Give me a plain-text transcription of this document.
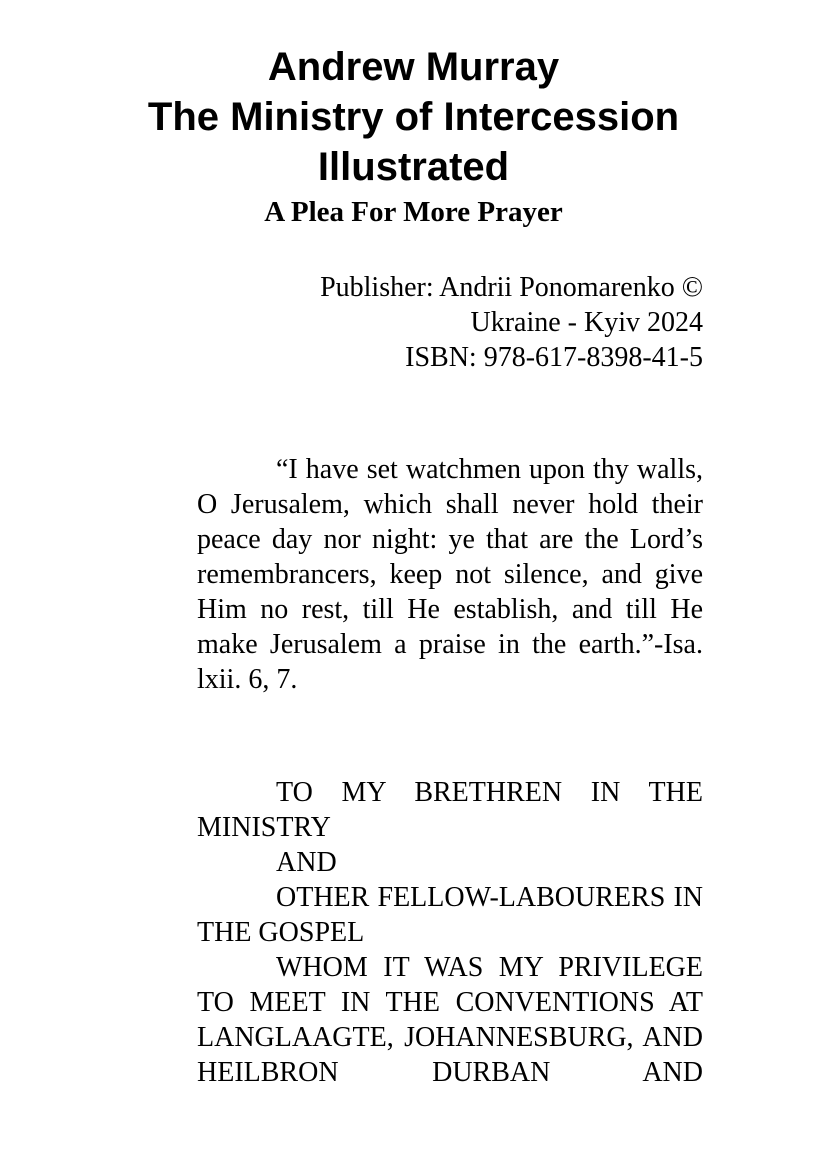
Andrew Murray
The Ministry of Intercession
Illustrated
A Plea For More Prayer
Publisher: Andrii Ponomarenko ©
Ukraine - Kyiv 2024
ISBN: 978-617-8398-41-5
“I have set watchmen upon thy walls, O Jerusalem, which shall never hold their peace day nor night: ye that are the Lord’s remembrancers, keep not silence, and give Him no rest, till He establish, and till He make Jerusalem a praise in the earth.”-Isa. lxii. 6, 7.

TO MY BRETHREN IN THE MINISTRY

AND

OTHER FELLOW-LABOURERS IN THE GOSPEL

WHOM IT WAS MY PRIVILEGE TO MEET IN THE CONVENTIONS AT LANGLAAGTE, JOHANNESBURG, AND HEILBRON DURBAN AND
